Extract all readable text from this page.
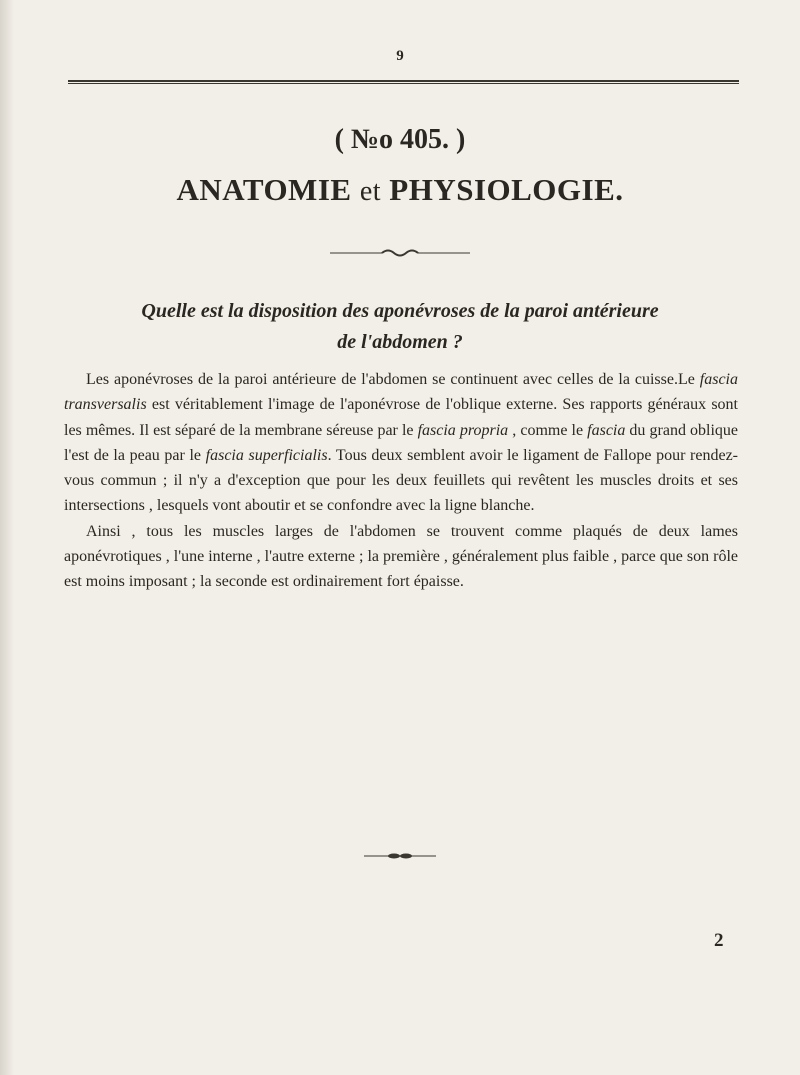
9
( №o 405. )
ANATOMIE et PHYSIOLOGIE.
Quelle est la disposition des aponévroses de la paroi antérieure
de l'abdomen ?

Les aponévroses de la paroi antérieure de l'abdomen se continuent avec celles de la cuisse.Le fascia transversalis est véritablement l'image de l'aponévrose de l'oblique externe. Ses rapports généraux sont les mêmes. Il est séparé de la membrane séreuse par le fascia propria , comme le fascia du grand oblique l'est de la peau par le fascia superficialis. Tous deux semblent avoir le ligament de Fallope pour rendez-vous commun ; il n'y a d'exception que pour les deux feuillets qui revêtent les muscles droits et ses intersections , lesquels vont aboutir et se confondre avec la ligne blanche.

Ainsi , tous les muscles larges de l'abdomen se trouvent comme plaqués de deux lames aponévrotiques , l'une interne , l'autre externe ; la première , généralement plus faible , parce que son rôle est moins imposant ; la seconde est ordinairement fort épaisse.

2
